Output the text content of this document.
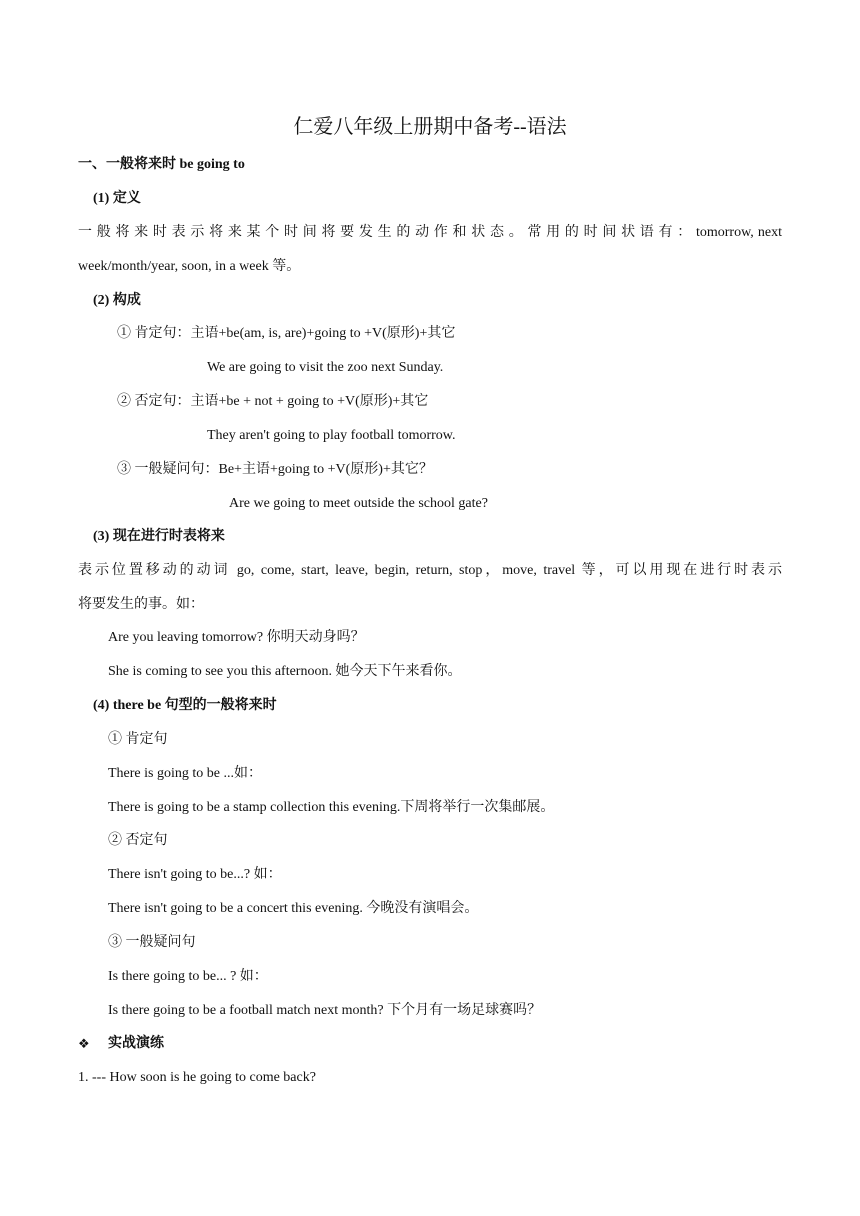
仁爱八年级上册期中备考--语法
一、一般将来时 be going to
(1) 定义
一 般 将 来 时 表 示 将 来 某 个 时 间 将 要 发 生 的 动 作 和 状 态 。 常 用 的 时 间 状 语 有 ： tomorrow, next
week/month/year, soon, in a week 等。
(2) 构成
① 肯定句：主语+be(am, is, are)+going to +V(原形)+其它
We are going to visit the zoo next Sunday.
② 否定句：主语+be + not + going to +V(原形)+其它
They aren't going to play football tomorrow.
③ 一般疑问句：Be+主语+going to +V(原形)+其它？
Are we going to meet outside the school gate?
(3) 现在进行时表将来
表示位置移动的动词 go, come, start, leave, begin, return, stop，move, travel 等，可以用现在进行时表示
将要发生的事。如：
Are you leaving tomorrow? 你明天动身吗？
She is coming to see you this afternoon. 她今天下午来看你。
(4) there be 句型的一般将来时
① 肯定句
There is going to be ...如：
There is going to be a stamp collection this evening.下周将举行一次集邮展。
② 否定句
There isn't going to be...? 如：
There isn't going to be a concert this evening. 今晚没有演唱会。
③ 一般疑问句
Is there going to be... ? 如：
Is there going to be a football match next month? 下个月有一场足球赛吗？
❖	实战演练
1. --- How soon is he going to come back?
